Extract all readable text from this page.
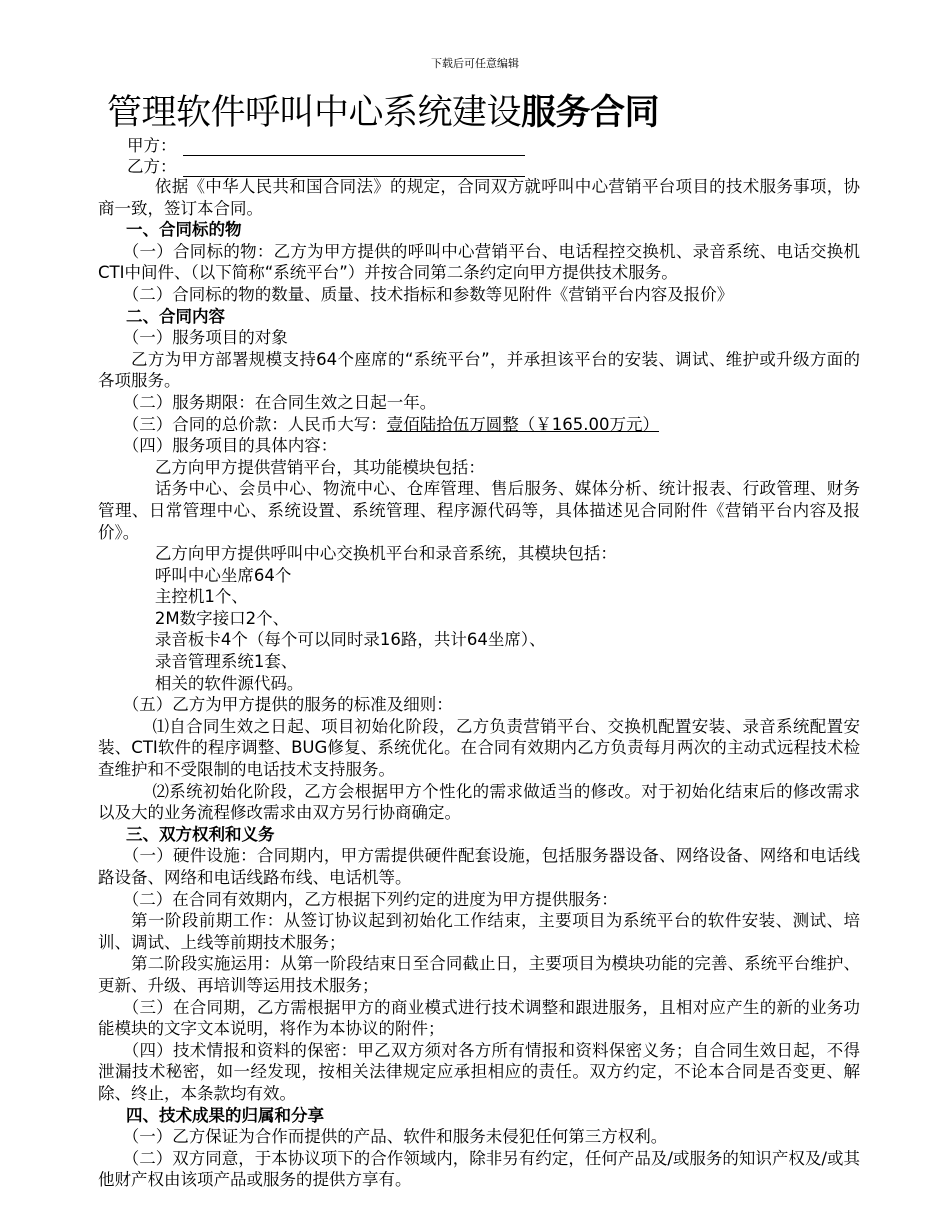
下载后可任意编辑
管理软件呼叫中心系统建设服务合同
甲方：
乙方：

依据《中华人民共和国合同法》的规定，合同双方就呼叫中心营销平台项目的技术服务事项，协商一致，签订本合同。

一、合同标的物

（一）合同标的物：乙方为甲方提供的呼叫中心营销平台、电话程控交换机、录音系统、电话交换机CTI中间件、（以下简称“系统平台”）并按合同第二条约定向甲方提供技术服务。

（二）合同标的物的数量、质量、技术指标和参数等见附件《营销平台内容及报价》

二、合同内容

（一）服务项目的对象

乙方为甲方部署规模支持64个座席的“系统平台”，并承担该平台的安装、调试、维护或升级方面的各项服务。

（二）服务期限：在合同生效之日起一年。

（三）合同的总价款：人民币大写：壹佰陆拾伍万圆整（￥165.00万元）

（四）服务项目的具体内容：

乙方向甲方提供营销平台，其功能模块包括：

话务中心、会员中心、物流中心、仓库管理、售后服务、媒体分析、统计报表、行政管理、财务管理、日常管理中心、系统设置、系统管理、程序源代码等，具体描述见合同附件《营销平台内容及报价》。

乙方向甲方提供呼叫中心交换机平台和录音系统，其模块包括：

呼叫中心坐席64个

主控机1个、

2M数字接口2个、

录音板卡4个（每个可以同时录16路，共计64坐席）、

录音管理系统1套、

相关的软件源代码。

（五）乙方为甲方提供的服务的标准及细则：

⑴自合同生效之日起、项目初始化阶段，乙方负责营销平台、交换机配置安装、录音系统配置安装、CTI软件的程序调整、BUG修复、系统优化。在合同有效期内乙方负责每月两次的主动式远程技术检查维护和不受限制的电话技术支持服务。

⑵系统初始化阶段，乙方会根据甲方个性化的需求做适当的修改。对于初始化结束后的修改需求以及大的业务流程修改需求由双方另行协商确定。

三、双方权利和义务

（一）硬件设施：合同期内，甲方需提供硬件配套设施，包括服务器设备、网络设备、网络和电话线路设备、网络和电话线路布线、电话机等。

（二）在合同有效期内，乙方根据下列约定的进度为甲方提供服务：

第一阶段前期工作：从签订协议起到初始化工作结束，主要项目为系统平台的软件安装、测试、培训、调试、上线等前期技术服务；

第二阶段实施运用：从第一阶段结束日至合同截止日，主要项目为模块功能的完善、系统平台维护、更新、升级、再培训等运用技术服务；

（三）在合同期，乙方需根据甲方的商业模式进行技术调整和跟进服务，且相对应产生的新的业务功能模块的文字文本说明，将作为本协议的附件；

（四）技术情报和资料的保密：甲乙双方须对各方所有情报和资料保密义务；自合同生效日起，不得泄漏技术秘密，如一经发现，按相关法律规定应承担相应的责任。双方约定，不论本合同是否变更、解除、终止，本条款均有效。

四、技术成果的归属和分享

（一）乙方保证为合作而提供的产品、软件和服务未侵犯任何第三方权利。

（二）双方同意，于本协议项下的合作领域内，除非另有约定，任何产品及/或服务的知识产权及/或其他财产权由该项产品或服务的提供方享有。
